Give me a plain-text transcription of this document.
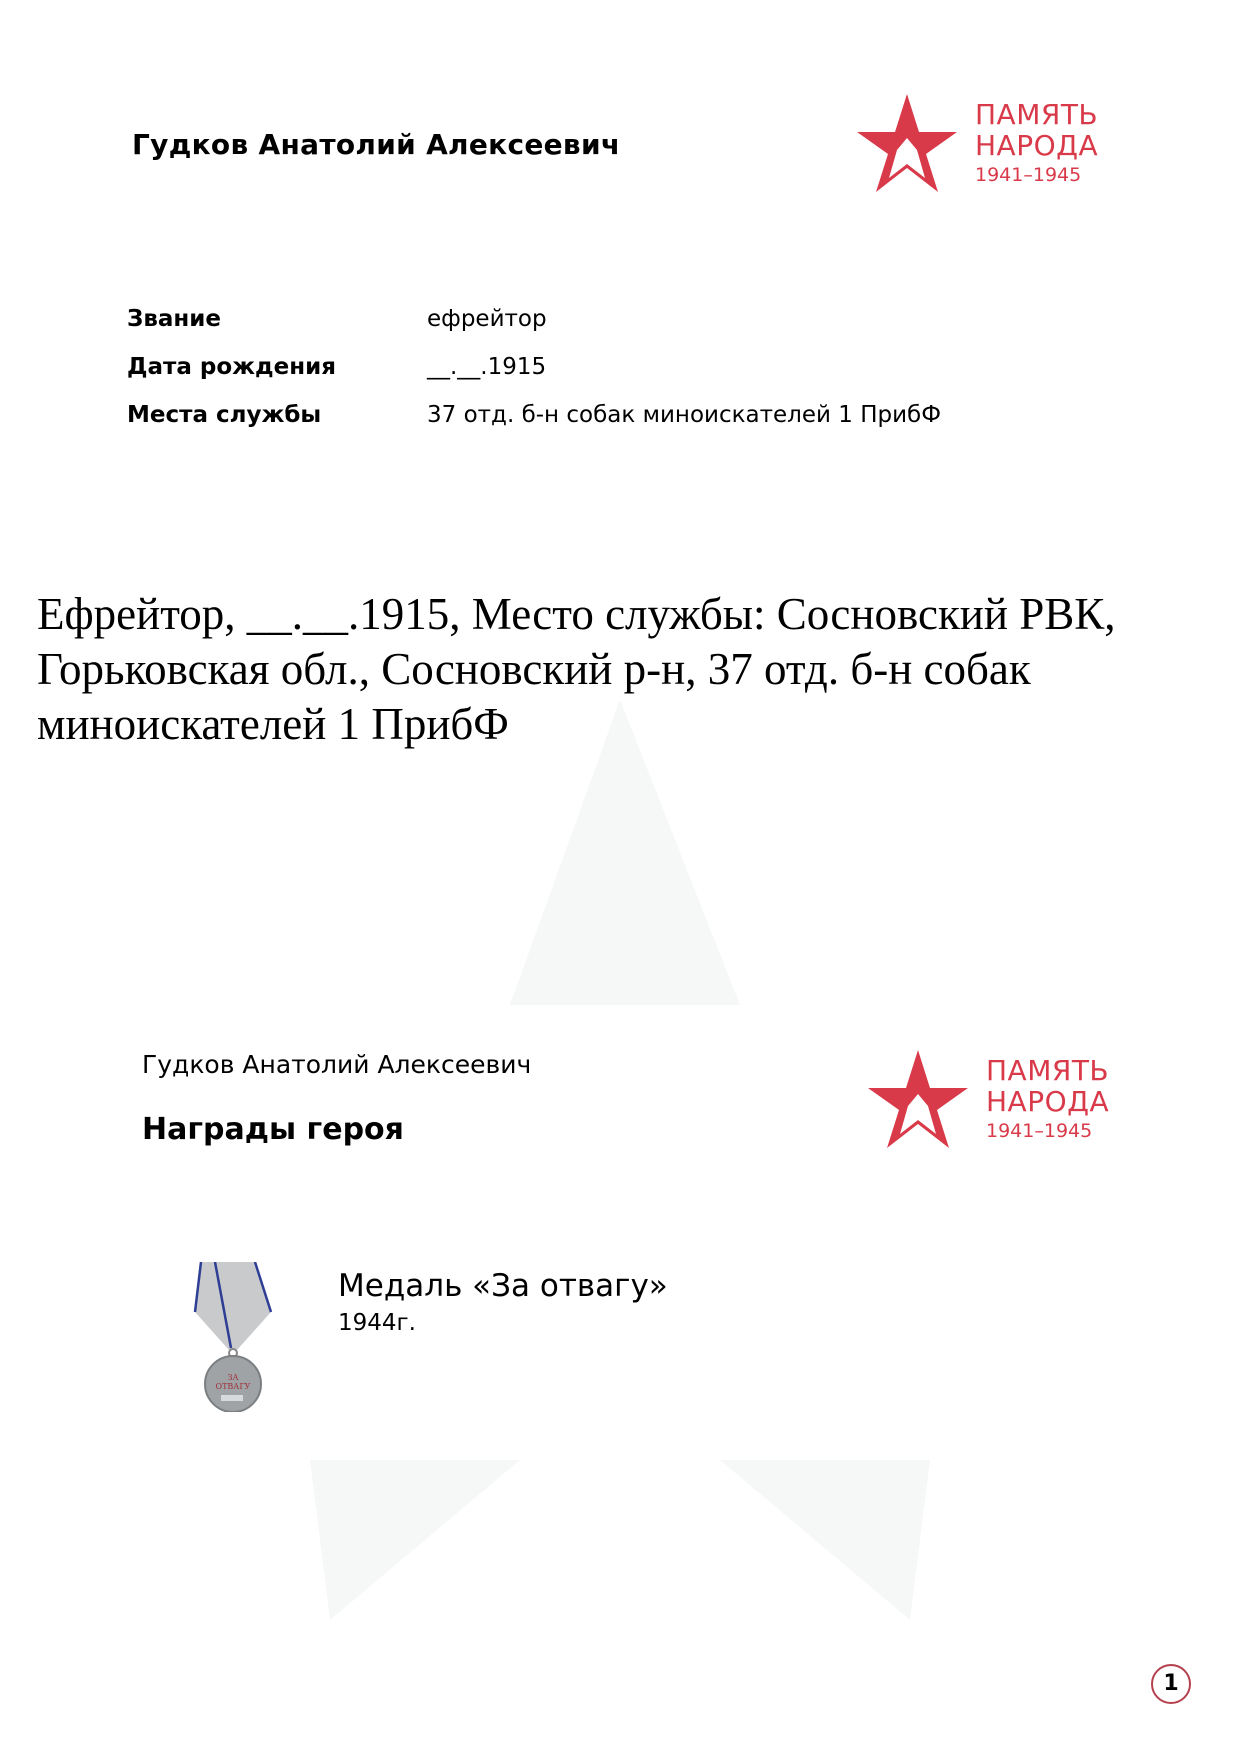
Гудков Анатолий Алексеевич
ПАМЯТЬ
НАРОДА
1941–1945
Звание	ефрейтор
Дата рождения	__.__.1915
Места службы	37 отд. б-н собак миноискателей 1 ПрибФ
Ефрейтор, __.__.1915, Место службы: Сосновский РВК, Горьковская обл., Сосновский р-н, 37 отд. б-н собак миноискателей 1 ПрибФ
Гудков Анатолий Алексеевич
Награды героя
ПАМЯТЬ
НАРОДА
1941–1945
ЗА
ОТВАГУ
Медаль «За отвагу»
1944г.
1
